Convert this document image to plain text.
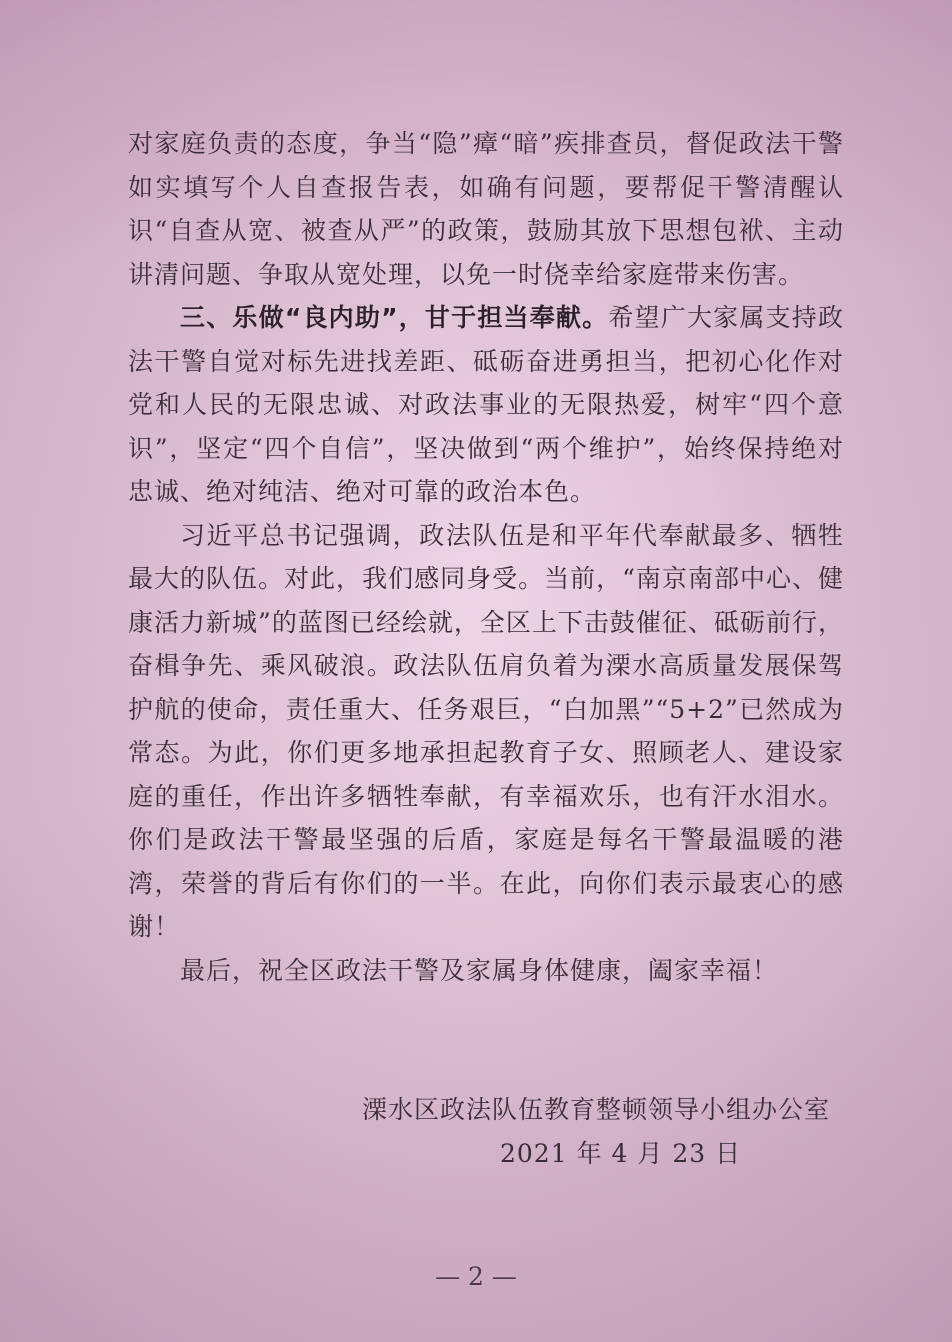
对家庭负责的态度，争当“隐”瘴“暗”疾排查员，督促政法干警如实填写个人自查报告表，如确有问题，要帮促干警清醒认识“自查从宽、被查从严”的政策，鼓励其放下思想包袱、主动讲清问题、争取从宽处理，以免一时侥幸给家庭带来伤害。

三、乐做“良内助”，甘于担当奉献。希望广大家属支持政法干警自觉对标先进找差距、砥砺奋进勇担当，把初心化作对党和人民的无限忠诚、对政法事业的无限热爱，树牢“四个意识”，坚定“四个自信”，坚决做到“两个维护”，始终保持绝对忠诚、绝对纯洁、绝对可靠的政治本色。

习近平总书记强调，政法队伍是和平年代奉献最多、牺牲最大的队伍。对此，我们感同身受。当前，“南京南部中心、健康活力新城”的蓝图已经绘就，全区上下击鼓催征、砥砺前行，奋楫争先、乘风破浪。政法队伍肩负着为溧水高质量发展保驾护航的使命，责任重大、任务艰巨，“白加黑”“5+2”已然成为常态。为此，你们更多地承担起教育子女、照顾老人、建设家庭的重任，作出许多牺牲奉献，有幸福欢乐，也有汗水泪水。你们是政法干警最坚强的后盾，家庭是每名干警最温暖的港湾，荣誉的背后有你们的一半。在此，向你们表示最衷心的感谢！

最后，祝全区政法干警及家属身体健康，阖家幸福！

溧水区政法队伍教育整顿领导小组办公室
2021 年 4 月 23 日
— 2 —
